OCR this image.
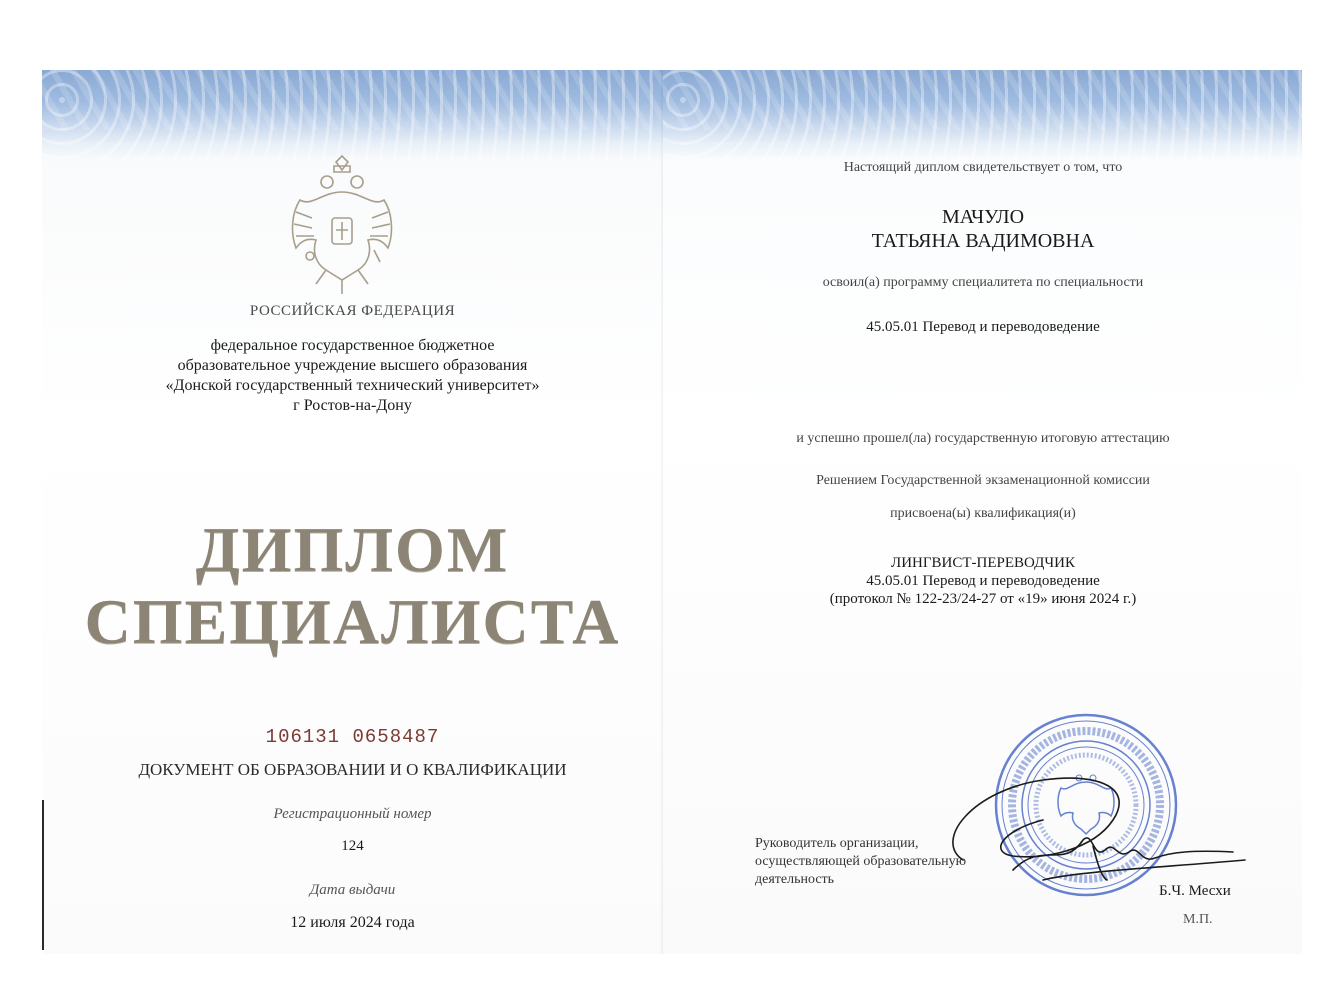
РОССИЙСКАЯ ФЕДЕРАЦИЯ
федеральное государственное бюджетное
образовательное учреждение высшего образования
«Донской государственный технический университет»
г Ростов-на-Дону
ДИПЛОМ
СПЕЦИАЛИСТА
106131 0658487
ДОКУМЕНТ ОБ ОБРАЗОВАНИИ И О КВАЛИФИКАЦИИ
Регистрационный номер
124
Дата выдачи
12 июля 2024 года
Настоящий диплом свидетельствует о том, что
МАЧУЛО
ТАТЬЯНА ВАДИМОВНА
освоил(а) программу специалитета по специальности
45.05.01 Перевод и переводоведение
и успешно прошел(ла) государственную итоговую аттестацию
Решением Государственной экзаменационной комиссии
присвоена(ы) квалификация(и)
ЛИНГВИСТ-ПЕРЕВОДЧИК
45.05.01 Перевод и переводоведение
(протокол № 122-23/24-27 от «19» июня 2024 г.)
Руководитель организации,
осуществляющей образовательную
деятельность
Б.Ч. Месхи
М.П.
